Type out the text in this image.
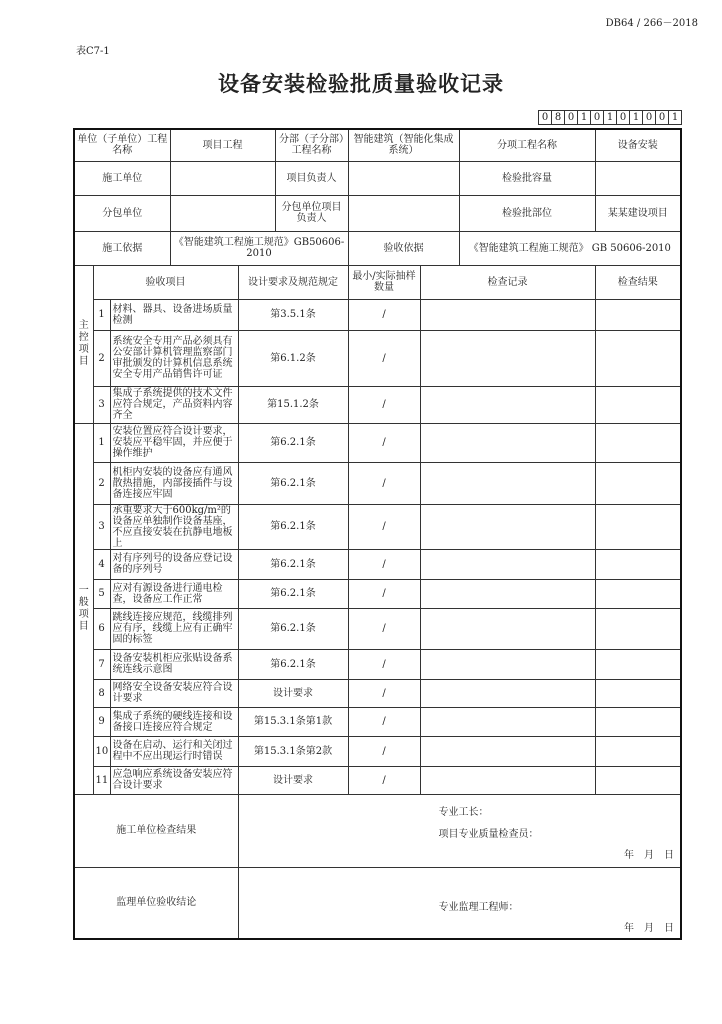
DB64 / 266－2018
表C7-1
设备安装检验批质量验收记录
0 8 0 1 0 1 0 1 0 0 1
单位（子单位）工程名称			项目工程		分部（子分部）工程名称	智能建筑（智能化集成系统）		分项工程名称	设备安装
施工单位					项目负责人			检验批容量	
分包单位					分包单位项目负责人			检验批部位	某某建设项目
施工依据			《智能建筑工程施工规范》GB50606-2010			验收依据		《智能建筑工程施工规范》 GB 50606-2010	
主控项目	验收项目			设计要求及规范规定		最小/实际抽样数量	检查记录		检查结果
	1	材料、器具、设备进场质量检测		第3.5.1条		/			
	2	系统安全专用产品必须具有公安部计算机管理监察部门审批颁发的计算机信息系统安全专用产品销售许可证		第6.1.2条		/			
	3	集成子系统提供的技术文件应符合规定，产品资料内容齐全		第15.1.2条		/			
一般项目	1	安装位置应符合设计要求，安装应平稳牢固，并应便于操作维护		第6.2.1条		/			
	2	机柜内安装的设备应有通风散热措施，内部接插件与设备连接应牢固		第6.2.1条		/			
	3	承重要求大于600kg/m²的设备应单独制作设备基座，不应直接安装在抗静电地板上		第6.2.1条		/			
	4	对有序列号的设备应登记设备的序列号		第6.2.1条		/			
	5	应对有源设备进行通电检查，设备应工作正常		第6.2.1条		/			
	6	跳线连接应规范，线缆排列应有序，线缆上应有正确牢固的标签		第6.2.1条		/			
	7	设备安装机柜应张贴设备系统连线示意图		第6.2.1条		/			
	8	网络安全设备安装应符合设计要求		设计要求		/			
	9	集成子系统的硬线连接和设备接口连接应符合规定		第15.3.1条第1款		/			
	10	设备在启动、运行和关闭过程中不应出现运行时错误		第15.3.1条第2款		/			
	11	应急响应系统设备安装应符合设计要求		设计要求		/			
施工单位检查结果				专业工长：
项目专业质量检查员：
年　月　日					

监理单位验收结论				专业监理工程师：
年　月　日					
